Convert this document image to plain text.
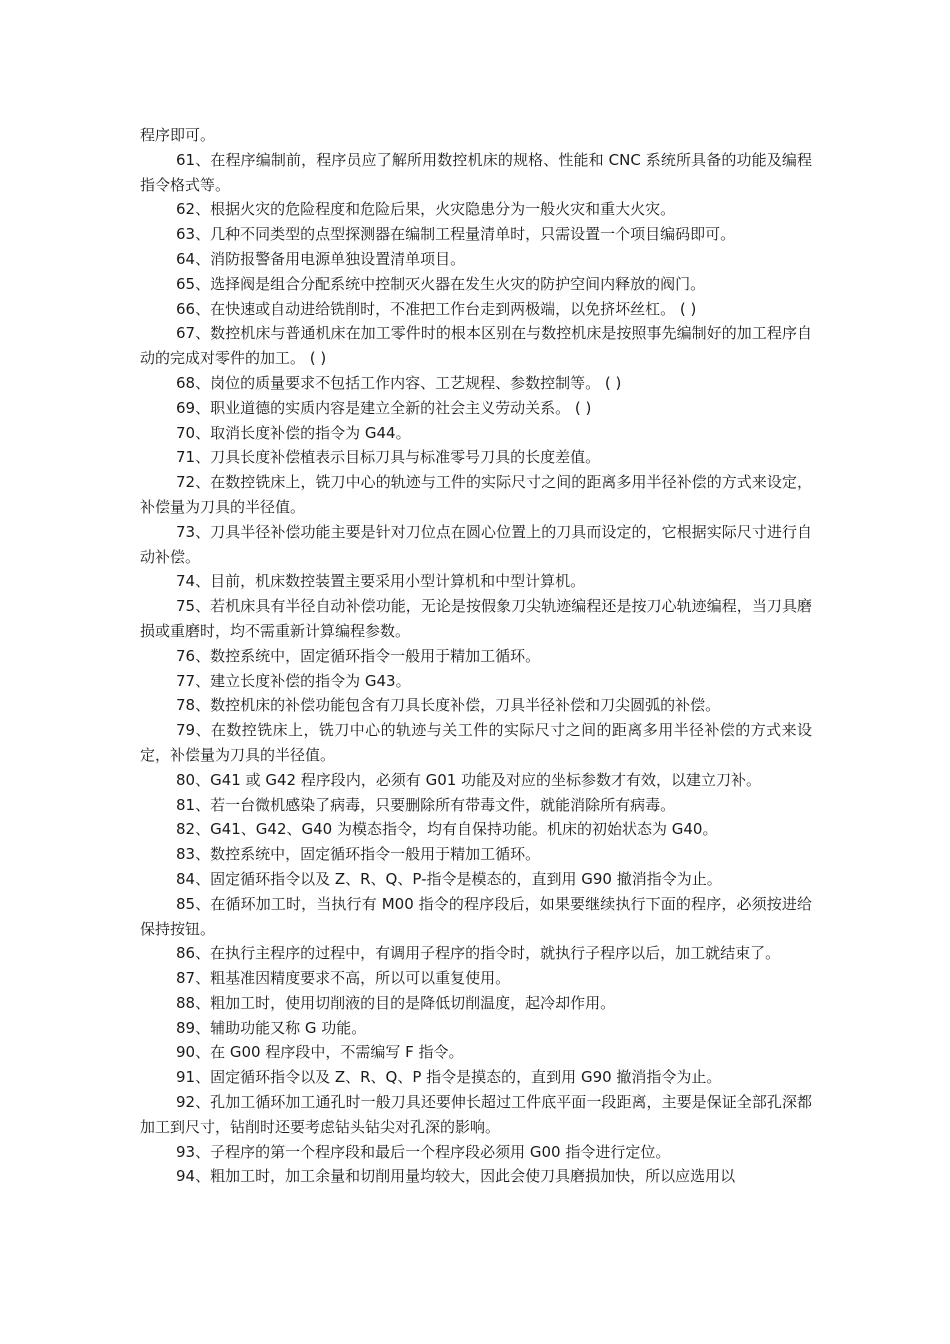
程序即可。

61、在程序编制前，程序员应了解所用数控机床的规格、性能和 CNC 系统所具备的功能及编程指令格式等。

62、根据火灾的危险程度和危险后果，火灾隐患分为一般火灾和重大火灾。

63、几种不同类型的点型探测器在编制工程量清单时，只需设置一个项目编码即可。

64、消防报警备用电源单独设置清单项目。

65、选择阀是组合分配系统中控制灭火器在发生火灾的防护空间内释放的阀门。

66、在快速或自动进给铣削时，不准把工作台走到两极端，以免挤坏丝杠。 ( )

67、数控机床与普通机床在加工零件时的根本区别在与数控机床是按照事先编制好的加工程序自动的完成对零件的加工。 ( )

68、岗位的质量要求不包括工作内容、工艺规程、参数控制等。 ( )

69、职业道德的实质内容是建立全新的社会主义劳动关系。 ( )

70、取消长度补偿的指令为 G44。

71、刀具长度补偿植表示目标刀具与标准零号刀具的长度差值。

72、在数控铣床上，铣刀中心的轨迹与工件的实际尺寸之间的距离多用半径补偿的方式来设定，补偿量为刀具的半径值。

73、刀具半径补偿功能主要是针对刀位点在圆心位置上的刀具而设定的，它根据实际尺寸进行自动补偿。

74、目前，机床数控装置主要采用小型计算机和中型计算机。

75、若机床具有半径自动补偿功能，无论是按假象刀尖轨迹编程还是按刀心轨迹编程，当刀具磨损或重磨时，均不需重新计算编程参数。

76、数控系统中，固定循环指令一般用于精加工循环。

77、建立长度补偿的指令为 G43。

78、数控机床的补偿功能包含有刀具长度补偿，刀具半径补偿和刀尖圆弧的补偿。

79、在数控铣床上，铣刀中心的轨迹与关工件的实际尺寸之间的距离多用半径补偿的方式来设定，补偿量为刀具的半径值。

80、G41 或 G42 程序段内，必须有 G01 功能及对应的坐标参数才有效，以建立刀补。

81、若一台微机感染了病毒，只要删除所有带毒文件，就能消除所有病毒。

82、G41、G42、G40 为模态指令，均有自保持功能。机床的初始状态为 G40。

83、数控系统中，固定循环指令一般用于精加工循环。

84、固定循环指令以及 Z、R、Q、P-指令是模态的，直到用 G90 撤消指令为止。

85、在循环加工时，当执行有 M00 指令的程序段后，如果要继续执行下面的程序，必须按进给保持按钮。

86、在执行主程序的过程中，有调用子程序的指令时，就执行子程序以后，加工就结束了。

87、粗基准因精度要求不高，所以可以重复使用。

88、粗加工时，使用切削液的目的是降低切削温度，起冷却作用。

89、辅助功能又称 G 功能。

90、在 G00 程序段中，不需编写 F 指令。

91、固定循环指令以及 Z、R、Q、P 指令是摸态的，直到用 G90 撤消指令为止。

92、孔加工循环加工通孔时一般刀具还要伸长超过工件底平面一段距离，主要是保证全部孔深都加工到尺寸，钻削时还要考虑钻头钻尖对孔深的影响。

93、子程序的第一个程序段和最后一个程序段必须用 G00 指令进行定位。

94、粗加工时，加工余量和切削用量均较大，因此会使刀具磨损加快，所以应选用以
